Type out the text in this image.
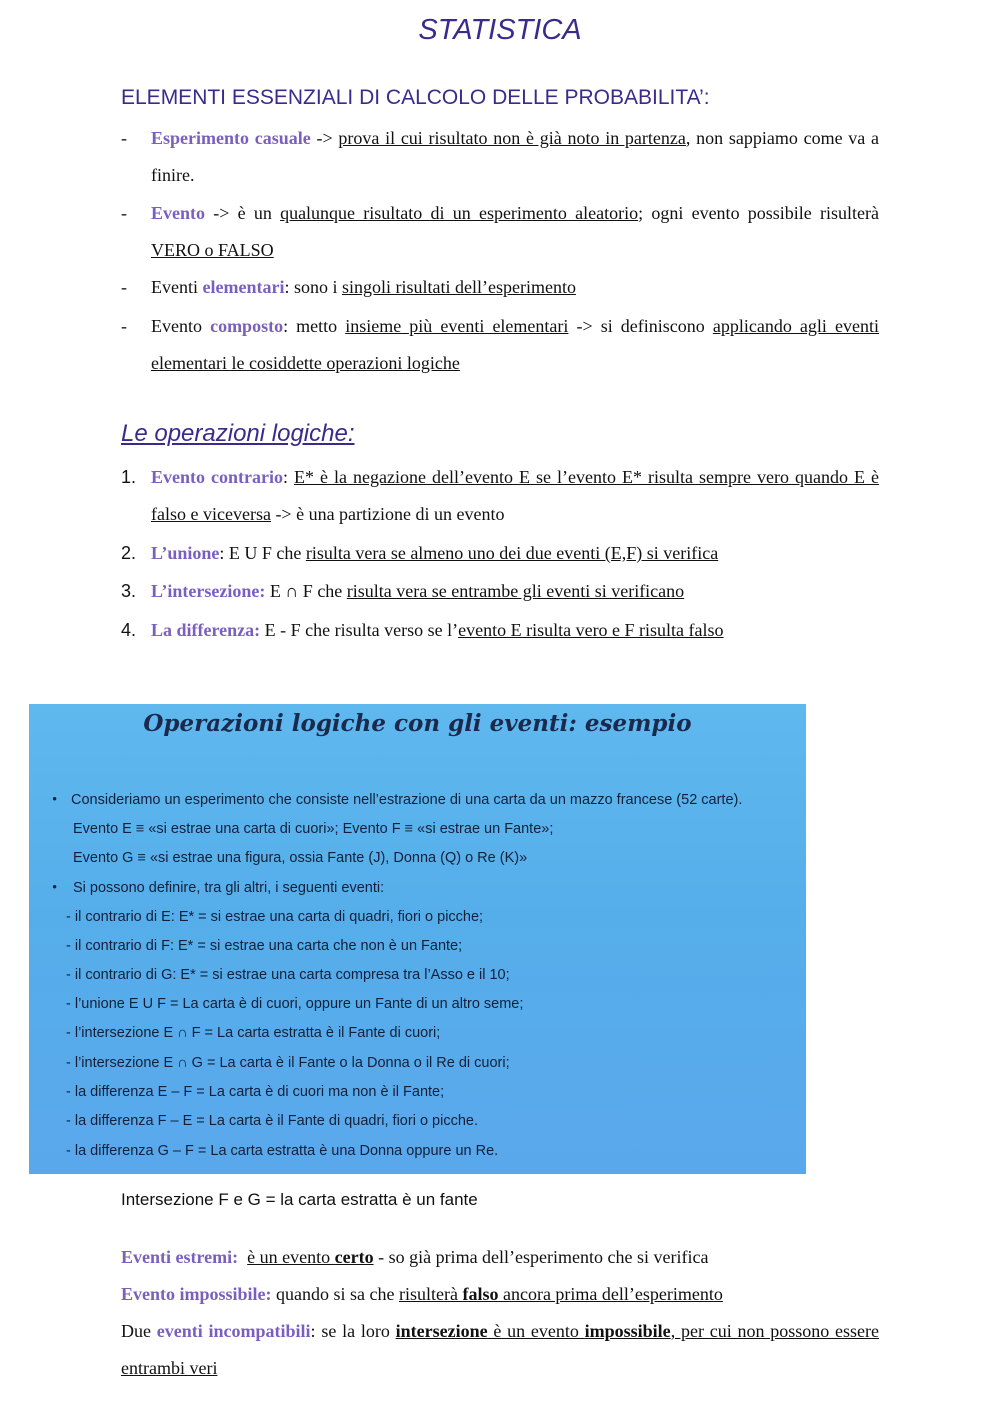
STATISTICA
ELEMENTI ESSENZIALI DI CALCOLO DELLE PROBABILITA’:
-	Esperimento casuale -> prova il cui risultato non è già noto in partenza, non sappiamo come va a finire.
-	Evento -> è un qualunque risultato di un esperimento aleatorio; ogni evento possibile risulterà VERO o FALSO
-	Eventi elementari: sono i singoli risultati dell’esperimento
-	Evento composto: metto insieme più eventi elementari -> si definiscono applicando agli eventi elementari le cosiddette operazioni logiche
Le operazioni logiche:
1. Evento contrario: E* è la negazione dell’evento E se l’evento E* risulta sempre vero quando E è falso e viceversa -> è una partizione di un evento
2. L’unione: E U F che risulta vera se almeno uno dei due eventi (E,F) si verifica
3. L’intersezione: E ∩ F che risulta vera se entrambe gli eventi si verificano
4. La differenza: E - F che risulta verso se l’evento E risulta vero e F risulta falso
Operazioni logiche con gli eventi: esempio
• Consideriamo un esperimento che consiste nell’estrazione di una carta da un mazzo francese (52 carte).
Evento E ≡ «si estrae una carta di cuori»; Evento F ≡ «si estrae un Fante»;
Evento G ≡ «si estrae una figura, ossia Fante (J), Donna (Q) o Re (K)»
• Si possono definire, tra gli altri, i seguenti eventi:
- il contrario di E: E* = si estrae una carta di quadri, fiori o picche;
- il contrario di F: E* = si estrae una carta che non è un Fante;
- il contrario di G: E* = si estrae una carta compresa tra l’Asso e il 10;
- l’unione E U F = La carta è di cuori, oppure un Fante di un altro seme;
- l’intersezione E ∩ F = La carta estratta è il Fante di cuori;
- l’intersezione E ∩ G = La carta è il Fante o la Donna o il Re di cuori;
- la differenza E – F = La carta è di cuori ma non è il Fante;
- la differenza F – E = La carta è il Fante di quadri, fiori o picche.
- la differenza G – F = La carta estratta è una Donna oppure un Re.
Intersezione F e G = la carta estratta è un fante
Eventi estremi: è un evento certo - so già prima dell’esperimento che si verifica
Evento impossibile: quando si sa che risulterà falso ancora prima dell’esperimento
Due eventi incompatibili: se la loro intersezione è un evento impossibile, per cui non possono essere entrambi veri
